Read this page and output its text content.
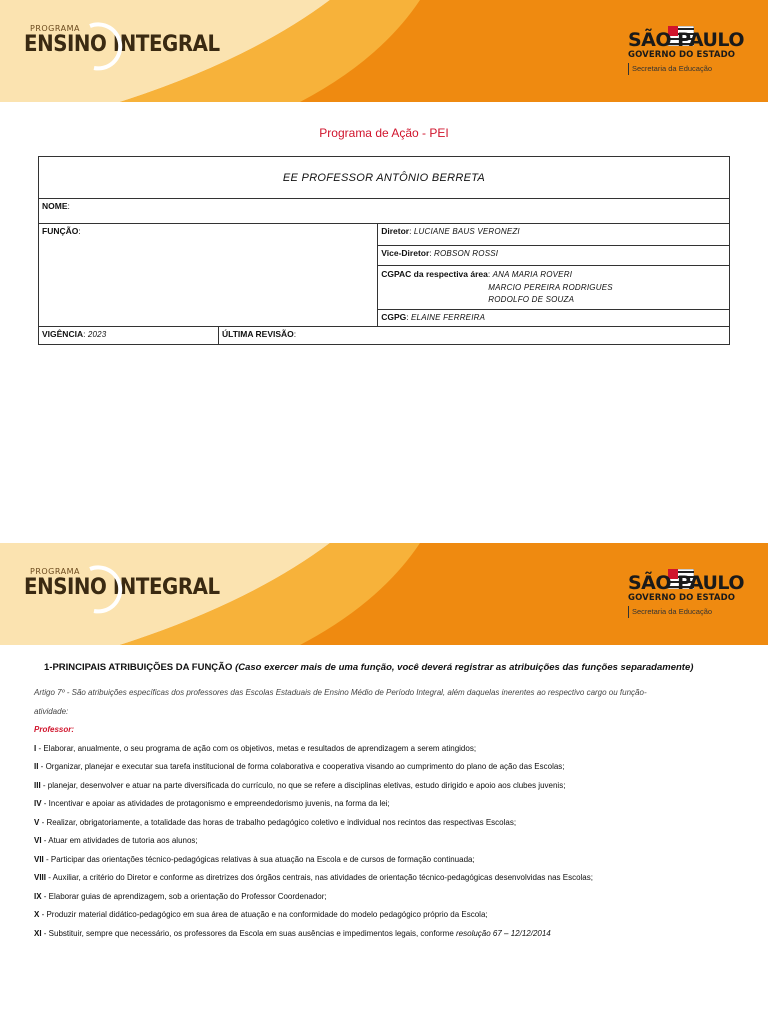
PROGRAMA
ENSINO INTEGRAL	SÃO PAULO
GOVERNO DO ESTADO
Secretaria da Educação
Programa de Ação - PEI
EE PROFESSOR ANTÔNIO BERRETA		
NOME:		
FUNÇÃO:		Diretor: LUCIANE BAUS VERONEZI
		Vice-Diretor: ROBSON ROSSI
		CGPAC da respectiva área: ANA MARIA ROVERI
MARCIO PEREIRA RODRIGUES
RODOLFO DE SOUZA

		CGPG: ELAINE FERREIRA
VIGÊNCIA: 2023	ÚLTIMA REVISÃO:	
PROGRAMA
ENSINO INTEGRAL	SÃO PAULO
GOVERNO DO ESTADO
Secretaria da Educação
1-PRINCIPAIS ATRIBUIÇÕES DA FUNÇÃO (Caso exercer mais de uma função, você deverá registrar as atribuições das funções separadamente)
Artigo 7º - São atribuições específicas dos professores das Escolas Estaduais de Ensino Médio de Período Integral, além daquelas inerentes ao respectivo cargo ou função-
atividade:
Professor:
I - Elaborar, anualmente, o seu programa de ação com os objetivos, metas e resultados de aprendizagem a serem atingidos;
II - Organizar, planejar e executar sua tarefa institucional de forma colaborativa e cooperativa visando ao cumprimento do plano de ação das Escolas;
III - planejar, desenvolver e atuar na parte diversificada do currículo, no que se refere a disciplinas eletivas, estudo dirigido e apoio aos clubes juvenis;
IV - Incentivar e apoiar as atividades de protagonismo e empreendedorismo juvenis, na forma da lei;
V - Realizar, obrigatoriamente, a totalidade das horas de trabalho pedagógico coletivo e individual nos recintos das respectivas Escolas;
VI - Atuar em atividades de tutoria aos alunos;
VII - Participar das orientações técnico-pedagógicas relativas à sua atuação na Escola e de cursos de formação continuada;
VIII - Auxiliar, a critério do Diretor e conforme as diretrizes dos órgãos centrais, nas atividades de orientação técnico-pedagógicas desenvolvidas nas Escolas;
IX - Elaborar guias de aprendizagem, sob a orientação do Professor Coordenador;
X - Produzir material didático-pedagógico em sua área de atuação e na conformidade do modelo pedagógico próprio da Escola;
XI - Substituir, sempre que necessário, os professores da Escola em suas ausências e impedimentos legais, conforme resolução 67 – 12/12/2014
